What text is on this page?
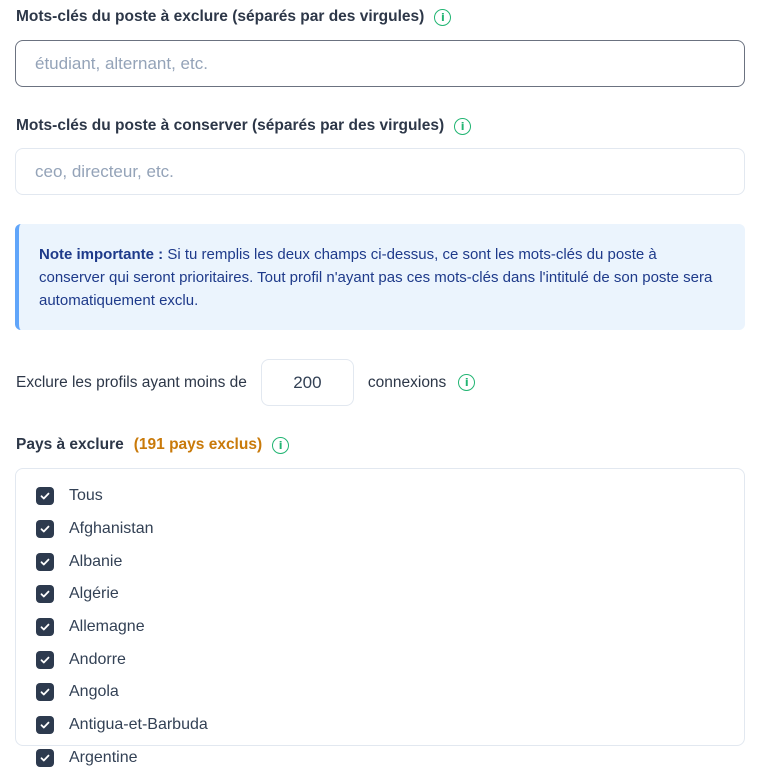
Mots-clés du poste à exclure (séparés par des virgules)	i
étudiant, alternant, etc.
Mots-clés du poste à conserver (séparés par des virgules)	i
ceo, directeur, etc.
Note importante : Si tu remplis les deux champs ci-dessus, ce sont les mots-clés du poste à conserver qui seront prioritaires. Tout profil n'ayant pas ces mots-clés dans l'intitulé de son poste sera automatiquement exclu.
Exclure les profils ayant moins de
200	connexions	i
Pays à exclure (191 pays exclus)	i
Tous
Afghanistan
Albanie
Algérie
Allemagne
Andorre
Angola
Antigua-et-Barbuda
Argentine
